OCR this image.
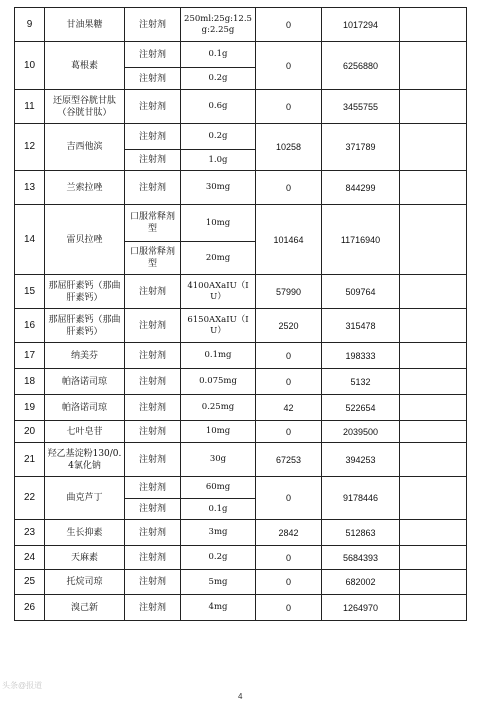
9	甘油果糖	注射剂	250ml:25g:12.5g:2.25g	0	1017294	
10	葛根素	注射剂	0.1g	0	6256880	
		注射剂	0.2g			
11	还原型谷胱甘肽（谷胱甘肽）	注射剂	0.6g	0	3455755	
12	吉西他滨	注射剂	0.2g	10258	371789	
		注射剂	1.0g			
13	兰索拉唑	注射剂	30mg	0	844299	
14	雷贝拉唑	口服常释剂型	10mg	101464	11716940	
		口服常释剂型	20mg			
15	那屈肝素钙（那曲肝素钙）	注射剂	4100AXaIU（IU）	57990	509764	
16	那屈肝素钙（那曲肝素钙）	注射剂	6150AXaIU（IU）	2520	315478	
17	纳美芬	注射剂	0.1mg	0	198333	
18	帕洛诺司琼	注射剂	0.075mg	0	5132	
19	帕洛诺司琼	注射剂	0.25mg	42	522654	
20	七叶皂苷	注射剂	10mg	0	2039500	
21	羟乙基淀粉130/0.4氯化钠	注射剂	30g	67253	394253	
22	曲克芦丁	注射剂	60mg	0	9178446	
		注射剂	0.1g			
23	生长抑素	注射剂	3mg	2842	512863	
24	天麻素	注射剂	0.2g	0	5684393	
25	托烷司琼	注射剂	5mg	0	682002	
26	溴己新	注射剂	4mg	0	1264970	
头条@报道
4
